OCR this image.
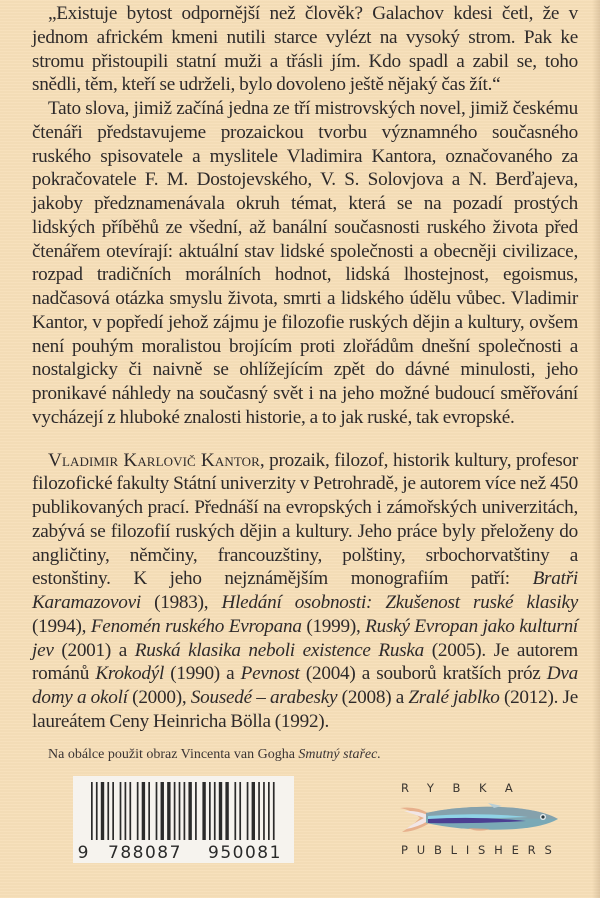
„Existuje bytost odpornější než člověk? Galachov kdesi četl, že v jednom africkém kmeni nutili starce vylézt na vysoký strom. Pak ke stromu přistoupili statní muži a třásli jím. Kdo spadl a zabil se, toho snědli, těm, kteří se udrželi, bylo dovoleno ještě nějaký čas žít.“

Tato slova, jimiž začíná jedna ze tří mistrovských novel, jimiž českému čtenáři představujeme prozaickou tvorbu významného současného ruského spisovatele a myslitele Vladimira Kantora, označovaného za pokračovatele F. M. Dostojevského, V. S. Solovjova a N. Berďajeva, jakoby předznamenávala okruh témat, která se na pozadí prostých lidských příběhů ze všední, až banální současnosti ruského života před čtenářem otevírají: aktuální stav lidské společnosti a obecněji civilizace, rozpad tradičních morálních hodnot, lidská lhostejnost, egoismus, nadčasová otázka smyslu života, smrti a lidského údělu vůbec. Vladimir Kantor, v popředí jehož zájmu je filozofie ruských dějin a kultury, ovšem není pouhým moralistou brojícím proti zlořádům dnešní společnosti a nostalgicky či naivně se ohlížejícím zpět do dávné minulosti, jeho pronikavé náhledy na současný svět i na jeho možné budoucí směřování vycházejí z hluboké znalosti historie, a to jak ruské, tak evropské.

Vladimir Karlovič Kantor, prozaik, filozof, historik kultury, profesor filozofické fakulty Státní univerzity v Petrohradě, je autorem více než 450 publikovaných prací. Přednáší na evropských i zámořských univerzitách, zabývá se filozofií ruských dějin a kultury. Jeho práce byly přeloženy do angličtiny, němčiny, francouzštiny, polštiny, srbochorvatštiny a estonštiny. K jeho nejznámějším monografiím patří: Bratři Karamazovovi (1983), Hledání osobnosti: Zkušenost ruské klasiky (1994), Fenomén ruského Evropana (1999), Ruský Evropan jako kulturní jev (2001) a Ruská klasika neboli existence Ruska (2005). Je autorem románů Krokodýl (1990) a Pevnost (2004) a souborů kratších próz Dva domy a okolí (2000), Sousedé – arabesky (2008) a Zralé jablko (2012). Je laureátem Ceny Heinricha Bölla (1992).

Na obálce použit obraz Vincenta van Gogha Smutný stařec.
9	788087	950081
RYBKA
PUBLISHERS
